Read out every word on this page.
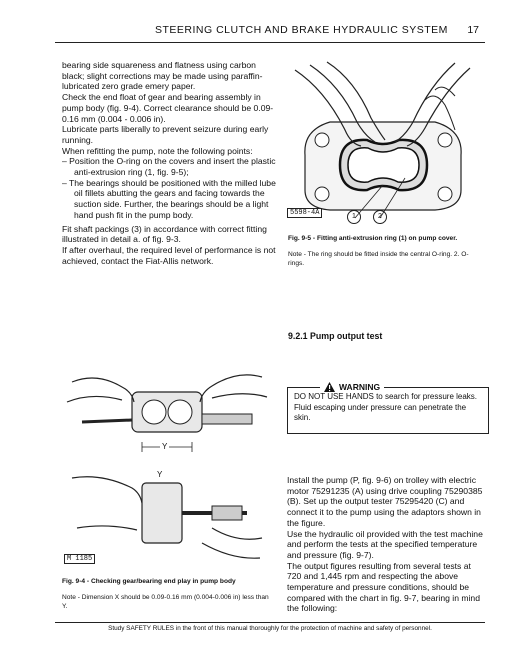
STEERING CLUTCH AND BRAKE HYDRAULIC SYSTEM 17

bearing side squareness and flatness using carbon black; slight corrections may be made using paraffin-lubricated zero grade emery paper.

Check the end float of gear and bearing assembly in pump body (fig. 9-4). Correct clearance should be 0.09-0.16 mm (0.004 - 0.006 in).

Lubricate parts liberally to prevent seizure during early running.

When refitting the pump, note the following points:

– Position the O-ring on the covers and insert the plastic anti-extrusion ring (1, fig. 9-5);

– The bearings should be positioned with the milled lube oil fillets abutting the gears and facing towards the suction side. Further, the bearings should be a light hand push fit in the pump body.

Fit shaft packings (3) in accordance with correct fitting illustrated in detail a. of fig. 9-3.

If after overhaul, the required level of performance is not achieved, contact the Fiat-Allis network.

5598-4A	1	2
Fig. 9-5 - Fitting anti-extrusion ring (1) on pump cover.
Note - The ring should be fitted inside the central O-ring. 2. O-rings.
9.2.1 Pump output test
Y
Y
M 1185
Fig. 9-4 - Checking gear/bearing end play in pump body
Note - Dimension X should be 0.09-0.16 mm (0.004-0.006 in) less than Y.
DO NOT USE HANDS to search for pressure leaks. Fluid escaping under pressure can penetrate the skin.
WARNING

Install the pump (P, fig. 9-6) on trolley with electric motor 75291235 (A) using drive coupling 75290385 (B). Set up the output tester 75295420 (C) and connect it to the pump using the adaptors shown in the figure.

Use the hydraulic oil provided with the test machine and perform the tests at the specified temperature and pressure (fig. 9-7).

The output figures resulting from several tests at 720 and 1,445 rpm and respecting the above temperature and pressure conditions, should be compared with the chart in fig. 9-7, bearing in mind the following:

Study SAFETY RULES in the front of this manual thoroughly for the protection of machine and safety of personnel.
